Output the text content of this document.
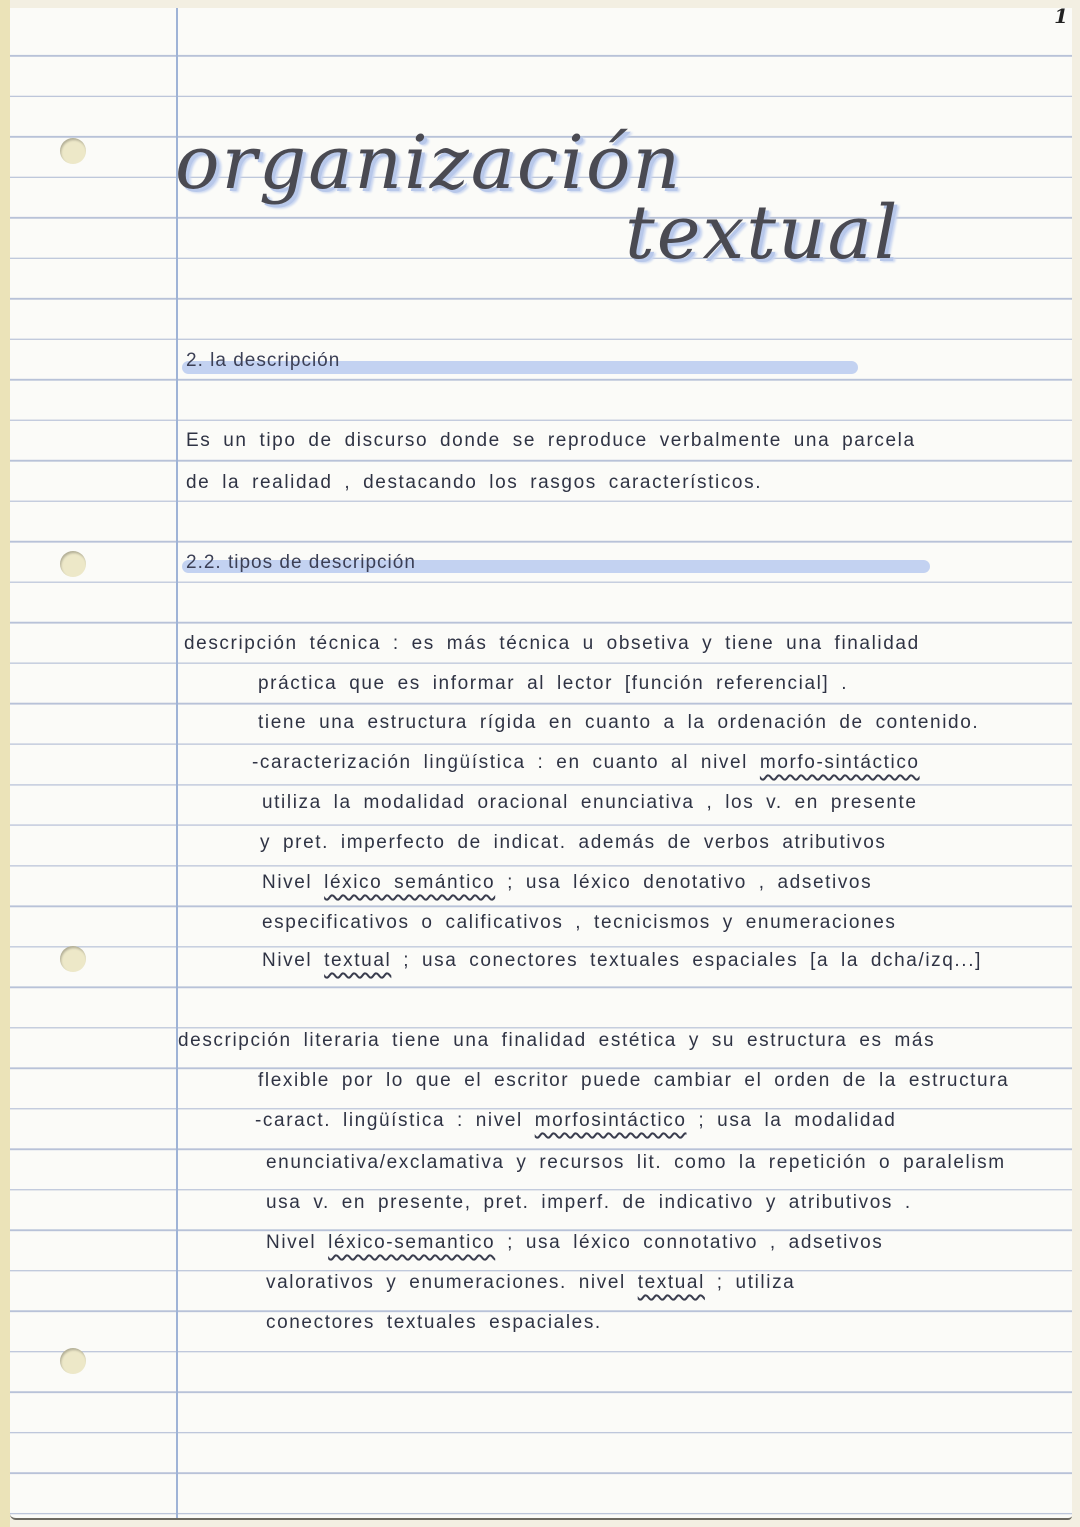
1
organización
textual
2. la descripción
Es un tipo de discurso donde se reproduce verbalmente una parcela
de la realidad , destacando los rasgos característicos.
2.2. tipos de descripción
descripción técnica : es más técnica u obsetiva y tiene una finalidad
práctica que es informar al lector [función referencial] .
tiene una estructura rígida en cuanto a la ordenación de contenido.
-caracterización lingüística : en cuanto al nivel morfo-sintáctico
utiliza la modalidad oracional enunciativa , los v. en presente
y pret. imperfecto de indicat. además de verbos atributivos
Nivel léxico semántico ; usa léxico denotativo , adsetivos
especificativos o calificativos , tecnicismos y enumeraciones
Nivel textual ; usa conectores textuales espaciales [a la dcha/izq...]
descripción literaria tiene una finalidad estética y su estructura es más
flexible por lo que el escritor puede cambiar el orden de la estructura
-caract. lingüística : nivel morfosintáctico ; usa la modalidad
enunciativa/exclamativa y recursos lit. como la repetición o paralelism
usa v. en presente, pret. imperf. de indicativo y atributivos .
Nivel léxico-semantico ; usa léxico connotativo , adsetivos
valorativos y enumeraciones. nivel textual ; utiliza
conectores textuales espaciales.
